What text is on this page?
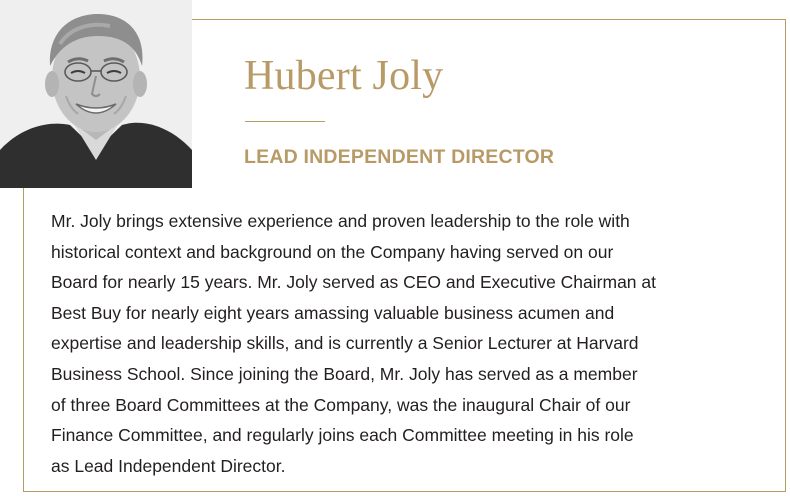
Hubert Joly
LEAD INDEPENDENT DIRECTOR

Mr. Joly brings extensive experience and proven leadership to the role with
historical context and background on the Company having served on our
Board for nearly 15 years. Mr. Joly served as CEO and Executive Chairman at
Best Buy for nearly eight years amassing valuable business acumen and
expertise and leadership skills, and is currently a Senior Lecturer at Harvard
Business School. Since joining the Board, Mr. Joly has served as a member
of three Board Committees at the Company, was the inaugural Chair of our
Finance Committee, and regularly joins each Committee meeting in his role
as Lead Independent Director.
